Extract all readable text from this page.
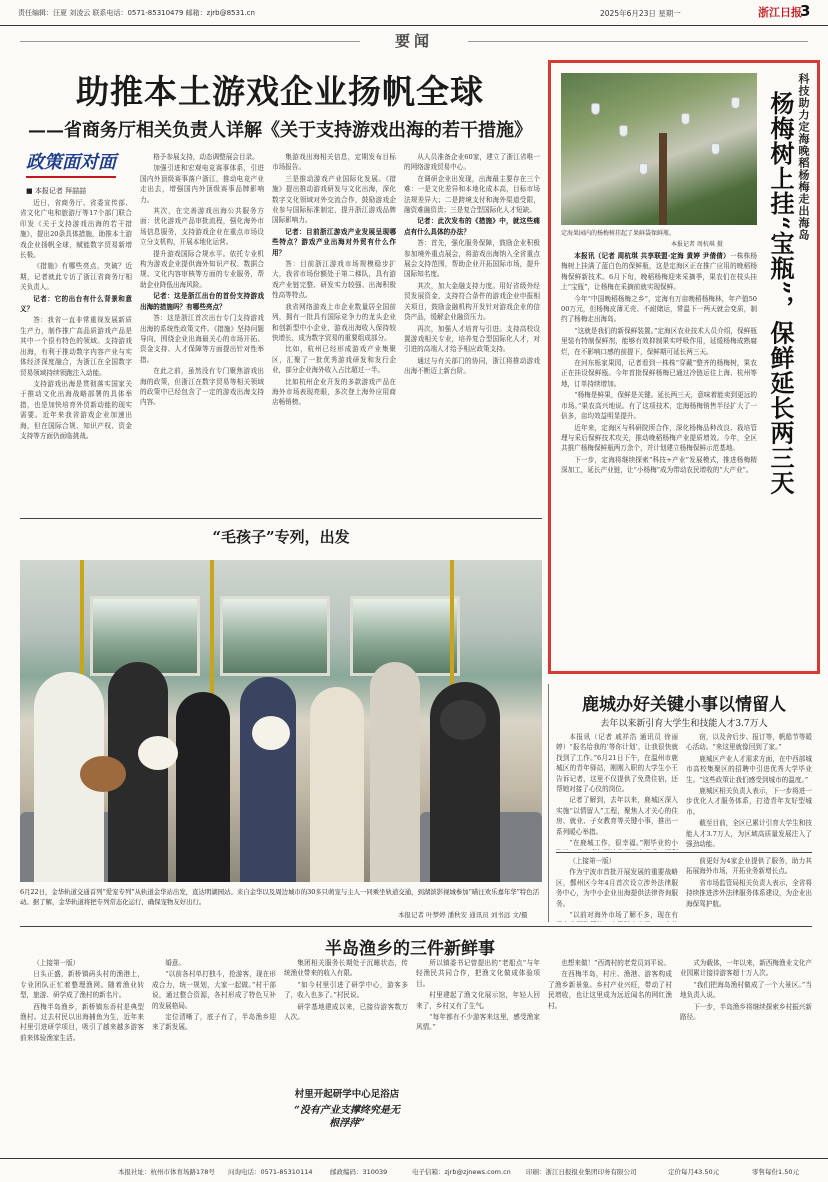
责任编辑：汪夏 刘凌云 联系电话：0571-85310479 邮箱：zjrb@8531.cn	2025年6月23日 星期一	浙江日报
3
要闻
助推本土游戏企业扬帆全球
——省商务厅相关负责人详解《关于支持游戏出海的若干措施》
政策面对面
■ 本报记者 拜喆喆

近日，省商务厅、省委宣传部、省文化广电和旅游厅等17个部门联合印发《关于支持游戏出海的若干措施》，提出20条具体措施，助推本土游戏企业扬帆全球，赋能数字贸易新增长极。

《措施》有哪些亮点，突破？近期，记者就此专访了浙江省商务厅相关负责人。

记者：它的出台有什么背景和意义？

答：我省一直非常重视发展新质生产力，制作推广高品质游戏产品是其中一个很有特色的领域。支持游戏出海，有利于推动数字内容产业与实体经济深度融合，为浙江在全国数字贸易领域持续领跑注入动能。

支持游戏出海是贯彻落实国家关于推动文化出海战略部署的具体举措，也是加快培育外贸新动能的现实需要。近年来我省游戏企业加速出海，但在国际合规、知识产权、资金支持等方面仍面临挑战。

格予参展支持，动态调整展会目录。

加强引进和宏观电竞赛事体系，引进国内外顶级赛事落户浙江，推动电竞产业走出去，增强国内外顶级赛事品牌影响力。

其次，在完善游戏出海公共服务方面：优化游戏产品审批流程，强化海外市场信息服务，支持游戏企业在重点市场设立分支机构，开展本地化运营。

提升游戏国际合规水平。依托专业机构为游戏企业提供海外知识产权、数据合规、文化内容审核等方面的专业服务，帮助企业降低出海风险。

记者：这是浙江出台的首份支持游戏出海的措施吗？有哪些亮点？

答：这是浙江首次出台专门支持游戏出海的系统性政策文件。《措施》坚持问题导向，围绕企业出海最关心的市场开拓、资金支持、人才保障等方面提出针对性举措。

在此之前，虽然没有专门聚焦游戏出海的政策，但浙江在数字贸易等相关领域的政策中已经包含了一定的游戏出海支持内容。

集游戏出海相关信息，定期发布目标市场报告。

三是推动游戏产业国际化发展。《措施》提出推动游戏研发与文化出海，深化数字文化领域对外交流合作，鼓励游戏企业参与国际标准制定，提升浙江游戏品牌国际影响力。

记者：目前浙江游戏产业发展呈现哪些特点？游戏产业出海对外贸有什么作用？

答：目前浙江游戏市场规模稳步扩大，我省市场份额处于第二梯队，具有游戏产业链完整、研发实力较强、出海积极性高等特点。

我省网络游戏上市企业数量居全国前列，拥有一批具有国际竞争力的龙头企业和创新型中小企业，游戏出海收入保持较快增长，成为数字贸易的重要组成部分。

比如，杭州已经形成游戏产业集聚区，汇聚了一批优秀游戏研发和发行企业，部分企业海外收入占比超过一半。

比如杭州企业开发的多款游戏产品在海外市场表现亮眼，多次登上海外应用商店畅销榜。

从人员准备企业60家，建立了浙江省唯一的网络游戏贸易中心。

在调研企业出发现，出海最主要存在三个难：一是文化差异和本地化成本高，目标市场法规差异大；二是跨境支付和海外渠道受限，融资难融资贵；三是复合型国际化人才短缺。

记者：此次发布的《措施》中，就这些痛点有什么具体的办法？

答：首先，强化服务保障，鼓励企业积极参加境外重点展会，将游戏出海纳入全省重点展会支持范围，帮助企业开拓国际市场，提升国际知名度。

其次，加大金融支持力度。用好省级外经贸发展资金，支持符合条件的游戏企业申报相关项目，鼓励金融机构开发针对游戏企业的信贷产品，缓解企业融资压力。

再次，加强人才培育与引进。支持高校设置游戏相关专业，培养复合型国际化人才，对引进的高端人才给予相应政策支持。

通过与有关部门的协同，浙江将推动游戏出海不断迈上新台阶。

定海果园内的杨梅树挂起了果鲜袋保鲜瓶。	科技助力定海晚稻杨梅走出海岛
杨梅树上挂“宝瓶”，保鲜延长两三天
本报记者 周杭琪 摄

本报讯（记者 周杭琪 共享联盟·定海 黄婷 尹倩倩）一株株杨梅树上挂满了蓝白色的保鲜瓶，这是定海区正在推广应用的晚稻杨梅保鲜新技术。6月下旬，晚稻杨梅迎来采摘季，果农们在枝头挂上“宝瓶”，让杨梅在采摘前就实现保鲜。

今年“中国晚稻杨梅之乡”，定海有万亩晚稻杨梅林，年产值5000万元，但杨梅皮薄无壳、不耐储运，常温下一两天就会变质，制约了杨梅走出海岛。

“这就是我们的新保鲜装置。”定海区农业技术人员介绍，保鲜瓶里装有特制保鲜剂，能够有效抑制果实呼吸作用，延缓杨梅成熟腐烂，在不影响口感的前提下，保鲜期可延长两三天。

在河东栎家果园，记者看到一株株“穿戴”整齐的杨梅树，果农正在挂设保鲜瓶。今年首批保鲜杨梅已通过冷链运往上海、杭州等地，订单持续增加。

“杨梅是鲜果，保鲜是关键。延长两三天，意味着能卖到更远的市场。”果农高兴地说。有了这项技术，定海杨梅销售半径扩大了一倍多，亩均效益明显提升。

近年来，定海区与科研院所合作，深化杨梅品种改良、栽培管理与采后保鲜技术攻关，推动晚稻杨梅产业提质增效。今年，全区共推广杨梅保鲜瓶两万余个，并计划建立杨梅保鲜示范基地。

下一步，定海将继续探索“科技+产业”发展模式，推进杨梅精深加工，延长产业链，让“小杨梅”成为带动农民增收的“大产业”。

“毛孩子”专列，出发
6月22日，金华轨道交通首列“爱宠专列”从轨道金华站出发，直达明湖园站。来自金华以及周边城市的30多只萌宠与主人一同乘坐轨道交通，到湖滨影视城参加“喵汪欢乐嘉年华”特色活动。据了解，金华轨道将把专列常态化运行，确保宠物友好出行。
本报记者 叶梦婷 潘秋安 通讯员 刘书远 文/摄
鹿城办好关键小事以情留人
去年以来新引育大学生和技能人才3.7万人

本报讯（记者 戚祥浩 通讯员 徐丽婷）“报名给我的‘等你计划’，让我很快就找到了工作。”6月21日下午，在温州市鹿城区的青年驿站，刚刚入职的大学生小王告诉记者，这里不仅提供了免费住宿，还帮她对接了心仪的岗位。

记者了解到，去年以来，鹿城区深入实施“以情留人”工程，聚焦人才关心的住房、就业、子女教育等关键小事，推出一系列暖心举措。

“在鹿城工作，很幸福。”刚毕业的小

宿，以及舍后步、报订等，帆船节等暖心活动。“来这里就像回到了家。”

鹿城区产业人才需求方面，在中西部城市高校集聚区的招聘中引进优秀大学毕业生。“这些政策让我们感受到城市的温度。”

鹿城区相关负责人表示，下一步将进一步优化人才服务体系，打造青年友好型城市。

截至目前，全区已累计引育大学生和技能人才3.7万人，为区域高质量发展注入了强劲动能。

（上接第一版）

作为宁波市首批开展发展的重要战略区，鄞州区今年4月首次设立涉外法律服务中心，为中小企业出海提供法律咨询服务。

“以前对海外市场了解不多，现在有

前更好为4家企业提供了服务，助力其拓展海外市场，开拓业务新增长点。

省市场监管局相关负责人表示，全省将持续推进涉外法律服务体系建设，为企业出海保驾护航。

半岛渔乡的三件新鲜事

（上接第一版）

日头正盛，新桥镇码头村的渔港上，专业团队正忙着整理渔网。随着渔业转型，旅游、研学成了渔村的新名片。

西梅半岛渔乡，新桥镇东岙村是典型渔村。过去村民以出海捕鱼为生，近年来村里引进研学项目，吸引了越来越多游客前来体验渔家生活。

婚意。

“以前各村单打独斗，抢游客，现在形成合力，统一规划，大家一起做。”村干部说，通过整合资源，各村形成了特色互补的发展格局。

定位清晰了，底子有了，半岛渔乡迎来了新发展。

集团相关服务长期处于沉睡状态，传统渔业带来的收入有限。

“如今村里引进了研学中心，游客多了，收入也多了。”村民说。

研学基地建成以来，已接待游客数万人次。

村里开起研学中心足浴店
“没有产业支撑终究是无根浮萍”

所以镇委书记曾提出的“老船点”与年轻渔民共同合作，把渔文化做成体验项目。

村里建起了渔文化展示馆，年轻人回来了，乡村又有了生气。

“每年都有不少游客来这里，感受渔家风情。”

也想来做！”西湾村的老党员刘平说。

在西梅半岛，村庄、渔港、游客构成了渔乡新景象。乡村产业兴旺，带动了村民增收，也让这里成为远近闻名的网红渔村。

式为载体，一年以来，新西梅渔业文化产业园累计接待游客超十万人次。

“我们把海岛渔村做成了一个大景区。”当地负责人说。

下一步，半岛渔乡将继续探索乡村振兴新路径。

本报社址：杭州市体育场路178号 问询电话：0571-85310114	邮政编码：310039	电子信箱：zjrb@zjnews.com.cn 印刷：浙江日报报业集团印务有限公司	定价每月43.50元	零售每份1.50元
